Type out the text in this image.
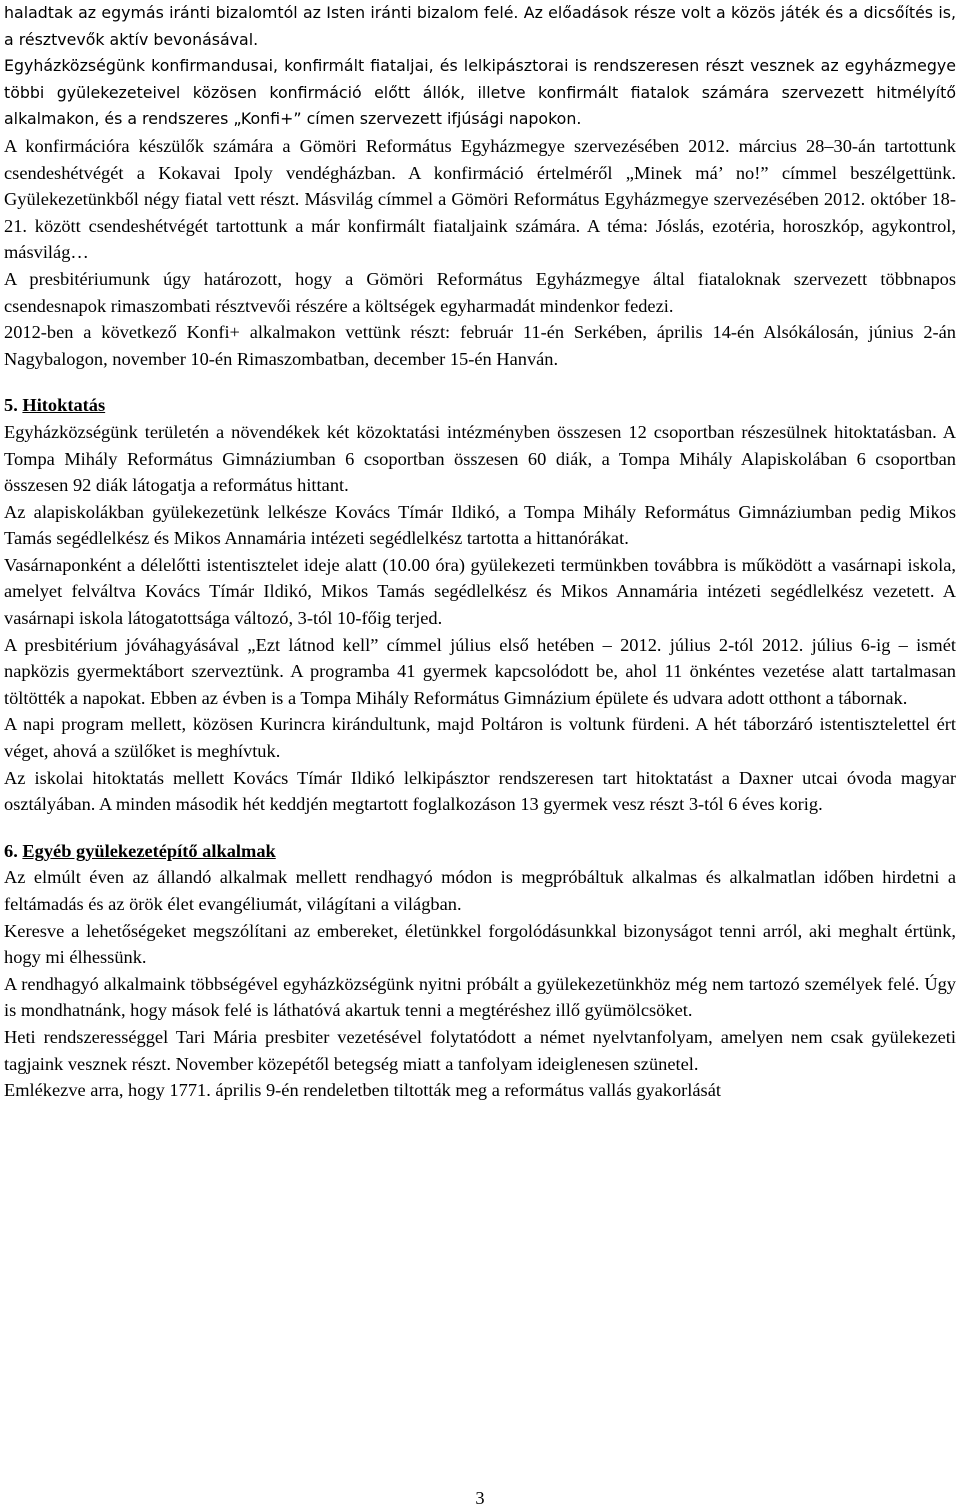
haladtak az egymás iránti bizalomtól az Isten iránti bizalom felé. Az előadások része volt a közös játék és a dicsőítés is, a résztvevők aktív bevonásával.

Egyházközségünk konfirmandusai, konfirmált fiataljai, és lelkipásztorai is rendszeresen részt vesznek az egyházmegye többi gyülekezeteivel közösen konfirmáció előtt állók, illetve konfirmált fiatalok számára szervezett hitmélyítő alkalmakon, és a rendszeres „Konfi+” címen szervezett ifjúsági napokon.

A konfirmációra készülők számára a Gömöri Református Egyházmegye szervezésében 2012. március 28–30-án tartottunk csendeshétvégét a Kokavai Ipoly vendégházban. A konfirmáció értelméről „Minek má’ no!” címmel beszélgettünk. Gyülekezetünkből négy fiatal vett részt. Másvilág címmel a Gömöri Református Egyházmegye szervezésében 2012. október 18-21. között csendeshétvégét tartottunk a már konfirmált fiataljaink számára. A téma: Jóslás, ezotéria, horoszkóp, agykontrol, másvilág…

A presbitériumunk úgy határozott, hogy a Gömöri Református Egyházmegye által fiataloknak szervezett többnapos csendesnapok rimaszombati résztvevői részére a költségek egyharmadát mindenkor fedezi.

2012-ben a következő Konfi+ alkalmakon vettünk részt: február 11-én Serkében, április 14-én Alsókálosán, június 2-án Nagybalogon, november 10-én Rimaszombatban, december 15-én Hanván.

5. Hitoktatás

Egyházközségünk területén a növendékek két közoktatási intézményben összesen 12 csoportban részesülnek hitoktatásban. A Tompa Mihály Református Gimnáziumban 6 csoportban összesen 60 diák, a Tompa Mihály Alapiskolában 6 csoportban összesen 92 diák látogatja a református hittant.

Az alapiskolákban gyülekezetünk lelkésze Kovács Tímár Ildikó, a Tompa Mihály Református Gimnáziumban pedig Mikos Tamás segédlelkész és Mikos Annamária intézeti segédlelkész tartotta a hittanórákat.

Vasárnaponként a délelőtti istentisztelet ideje alatt (10.00 óra) gyülekezeti termünkben továbbra is működött a vasárnapi iskola, amelyet felváltva Kovács Tímár Ildikó, Mikos Tamás segédlelkész és Mikos Annamária intézeti segédlelkész vezetett. A vasárnapi iskola látogatottsága változó, 3-tól 10-főig terjed.

A presbitérium jóváhagyásával „Ezt látnod kell” címmel július első hetében – 2012. július 2-tól 2012. július 6-ig – ismét napközis gyermektábort szerveztünk. A programba 41 gyermek kapcsolódott be, ahol 11 önkéntes vezetése alatt tartalmasan töltötték a napokat. Ebben az évben is a Tompa Mihály Református Gimnázium épülete és udvara adott otthont a tábornak.

A napi program mellett, közösen Kurincra kirándultunk, majd Poltáron is voltunk fürdeni. A hét táborzáró istentisztelettel ért véget, ahová a szülőket is meghívtuk.

Az iskolai hitoktatás mellett Kovács Tímár Ildikó lelkipásztor rendszeresen tart hitoktatást a Daxner utcai óvoda magyar osztályában. A minden második hét keddjén megtartott foglalkozáson 13 gyermek vesz részt 3-tól 6 éves korig.

6. Egyéb gyülekezetépítő alkalmak

Az elmúlt éven az állandó alkalmak mellett rendhagyó módon is megpróbáltuk alkalmas és alkalmatlan időben hirdetni a feltámadás és az örök élet evangéliumát, világítani a világban.

Keresve a lehetőségeket megszólítani az embereket, életünkkel forgolódásunkkal bizonyságot tenni arról, aki meghalt értünk, hogy mi élhessünk.

A rendhagyó alkalmaink többségével egyházközségünk nyitni próbált a gyülekezetünkhöz még nem tartozó személyek felé. Úgy is mondhatnánk, hogy mások felé is láthatóvá akartuk tenni a megtéréshez illő gyümölcsöket.

Heti rendszerességgel Tari Mária presbiter vezetésével folytatódott a német nyelvtanfolyam, amelyen nem csak gyülekezeti tagjaink vesznek részt. November közepétől betegség miatt a tanfolyam ideiglenesen szünetel.

Emlékezve arra, hogy 1771. április 9-én rendeletben tiltották meg a református vallás gyakorlását

3
